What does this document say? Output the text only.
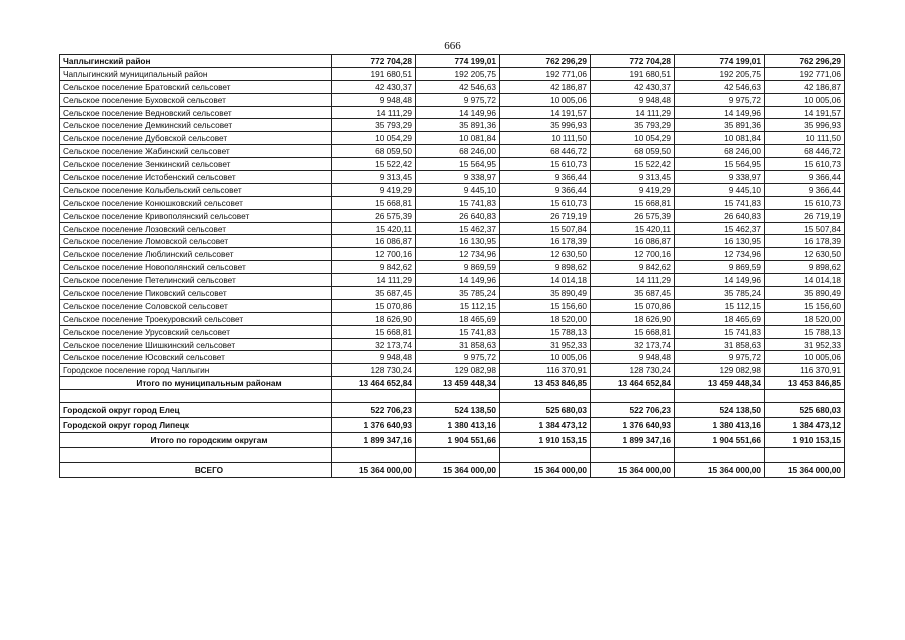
666
Чаплыгинский район	772 704,28	774 199,01	762 296,29	772 704,28	774 199,01	762 296,29
Чаплыгинский муниципальный район	191 680,51	192 205,75	192 771,06	191 680,51	192 205,75	192 771,06
Сельское поселение Братовский сельсовет	42 430,37	42 546,63	42 186,87	42 430,37	42 546,63	42 186,87
Сельское поселение Буховской сельсовет	9 948,48	9 975,72	10 005,06	9 948,48	9 975,72	10 005,06
Сельское поселение Ведновский сельсовет	14 111,29	14 149,96	14 191,57	14 111,29	14 149,96	14 191,57
Сельское поселение Демкинский сельсовет	35 793,29	35 891,36	35 996,93	35 793,29	35 891,36	35 996,93
Сельское поселение Дубовской сельсовет	10 054,29	10 081,84	10 111,50	10 054,29	10 081,84	10 111,50
Сельское поселение Жабинский сельсовет	68 059,50	68 246,00	68 446,72	68 059,50	68 246,00	68 446,72
Сельское поселение Зенкинский сельсовет	15 522,42	15 564,95	15 610,73	15 522,42	15 564,95	15 610,73
Сельское поселение Истобенский сельсовет	9 313,45	9 338,97	9 366,44	9 313,45	9 338,97	9 366,44
Сельское поселение Колыбельский сельсовет	9 419,29	9 445,10	9 366,44	9 419,29	9 445,10	9 366,44
Сельское поселение Конюшковский сельсовет	15 668,81	15 741,83	15 610,73	15 668,81	15 741,83	15 610,73
Сельское поселение Кривополянский сельсовет	26 575,39	26 640,83	26 719,19	26 575,39	26 640,83	26 719,19
Сельское поселение Лозовский сельсовет	15 420,11	15 462,37	15 507,84	15 420,11	15 462,37	15 507,84
Сельское поселение Ломовской сельсовет	16 086,87	16 130,95	16 178,39	16 086,87	16 130,95	16 178,39
Сельское поселение Люблинский сельсовет	12 700,16	12 734,96	12 630,50	12 700,16	12 734,96	12 630,50
Сельское поселение Новополянский сельсовет	9 842,62	9 869,59	9 898,62	9 842,62	9 869,59	9 898,62
Сельское поселение Петелинский сельсовет	14 111,29	14 149,96	14 014,18	14 111,29	14 149,96	14 014,18
Сельское поселение Пиковский сельсовет	35 687,45	35 785,24	35 890,49	35 687,45	35 785,24	35 890,49
Сельское поселение Соловской сельсовет	15 070,86	15 112,15	15 156,60	15 070,86	15 112,15	15 156,60
Сельское поселение Троекуровский сельсовет	18 626,90	18 465,69	18 520,00	18 626,90	18 465,69	18 520,00
Сельское поселение Урусовский сельсовет	15 668,81	15 741,83	15 788,13	15 668,81	15 741,83	15 788,13
Сельское поселение Шишкинский сельсовет	32 173,74	31 858,63	31 952,33	32 173,74	31 858,63	31 952,33
Сельское поселение Юсовский сельсовет	9 948,48	9 975,72	10 005,06	9 948,48	9 975,72	10 005,06
Городское поселение город Чаплыгин	128 730,24	129 082,98	116 370,91	128 730,24	129 082,98	116 370,91
Итого по муниципальным районам	13 464 652,84	13 459 448,34	13 453 846,85	13 464 652,84	13 459 448,34	13 453 846,85

Городской округ город Елец	522 706,23	524 138,50	525 680,03	522 706,23	524 138,50	525 680,03
Городской округ город Липецк	1 376 640,93	1 380 413,16	1 384 473,12	1 376 640,93	1 380 413,16	1 384 473,12
Итого по городским округам	1 899 347,16	1 904 551,66	1 910 153,15	1 899 347,16	1 904 551,66	1 910 153,15

ВСЕГО	15 364 000,00	15 364 000,00	15 364 000,00	15 364 000,00	15 364 000,00	15 364 000,00
